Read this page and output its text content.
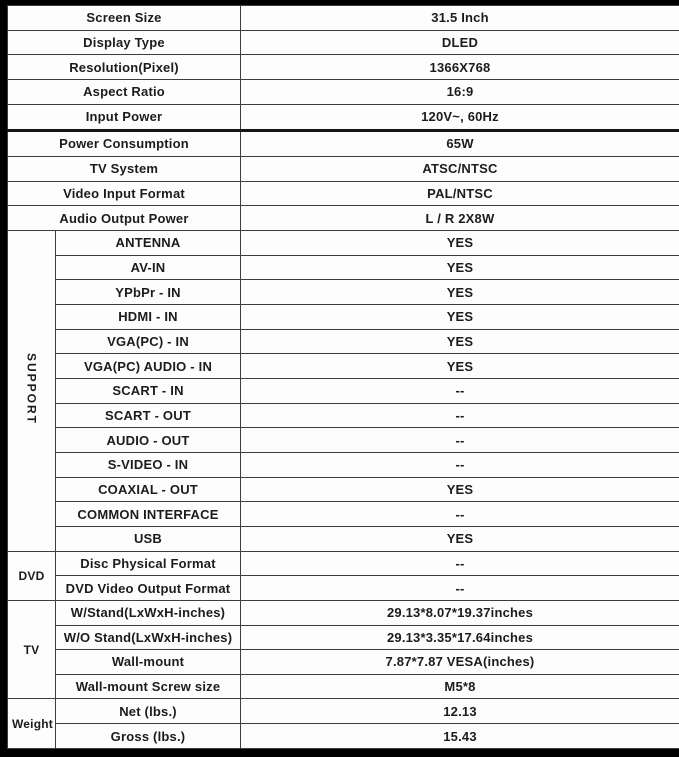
Screen Size		31.5 Inch
Display Type		DLED
Resolution(Pixel)		1366X768
Aspect Ratio		16:9
Input Power		120V~, 60Hz
Power Consumption		65W
TV System		ATSC/NTSC
Video Input Format		PAL/NTSC
Audio Output Power		L / R 2X8W
SUPPORT	ANTENNA	YES
	AV-IN	YES
	YPbPr - IN	YES
	HDMI - IN	YES
	VGA(PC) - IN	YES
	VGA(PC) AUDIO - IN	YES
	SCART - IN	--
	SCART - OUT	--
	AUDIO - OUT	--
	S-VIDEO - IN	--
	COAXIAL - OUT	YES
	COMMON INTERFACE	--
	USB	YES
DVD	Disc Physical Format	--
	DVD Video Output Format	--
TV	W/Stand(LxWxH-inches)	29.13*8.07*19.37inches
	W/O Stand(LxWxH-inches)	29.13*3.35*17.64inches
	Wall-mount	7.87*7.87 VESA(inches)
	Wall-mount Screw size	M5*8
Weight	Net (lbs.)	12.13
	Gross (lbs.)	15.43
